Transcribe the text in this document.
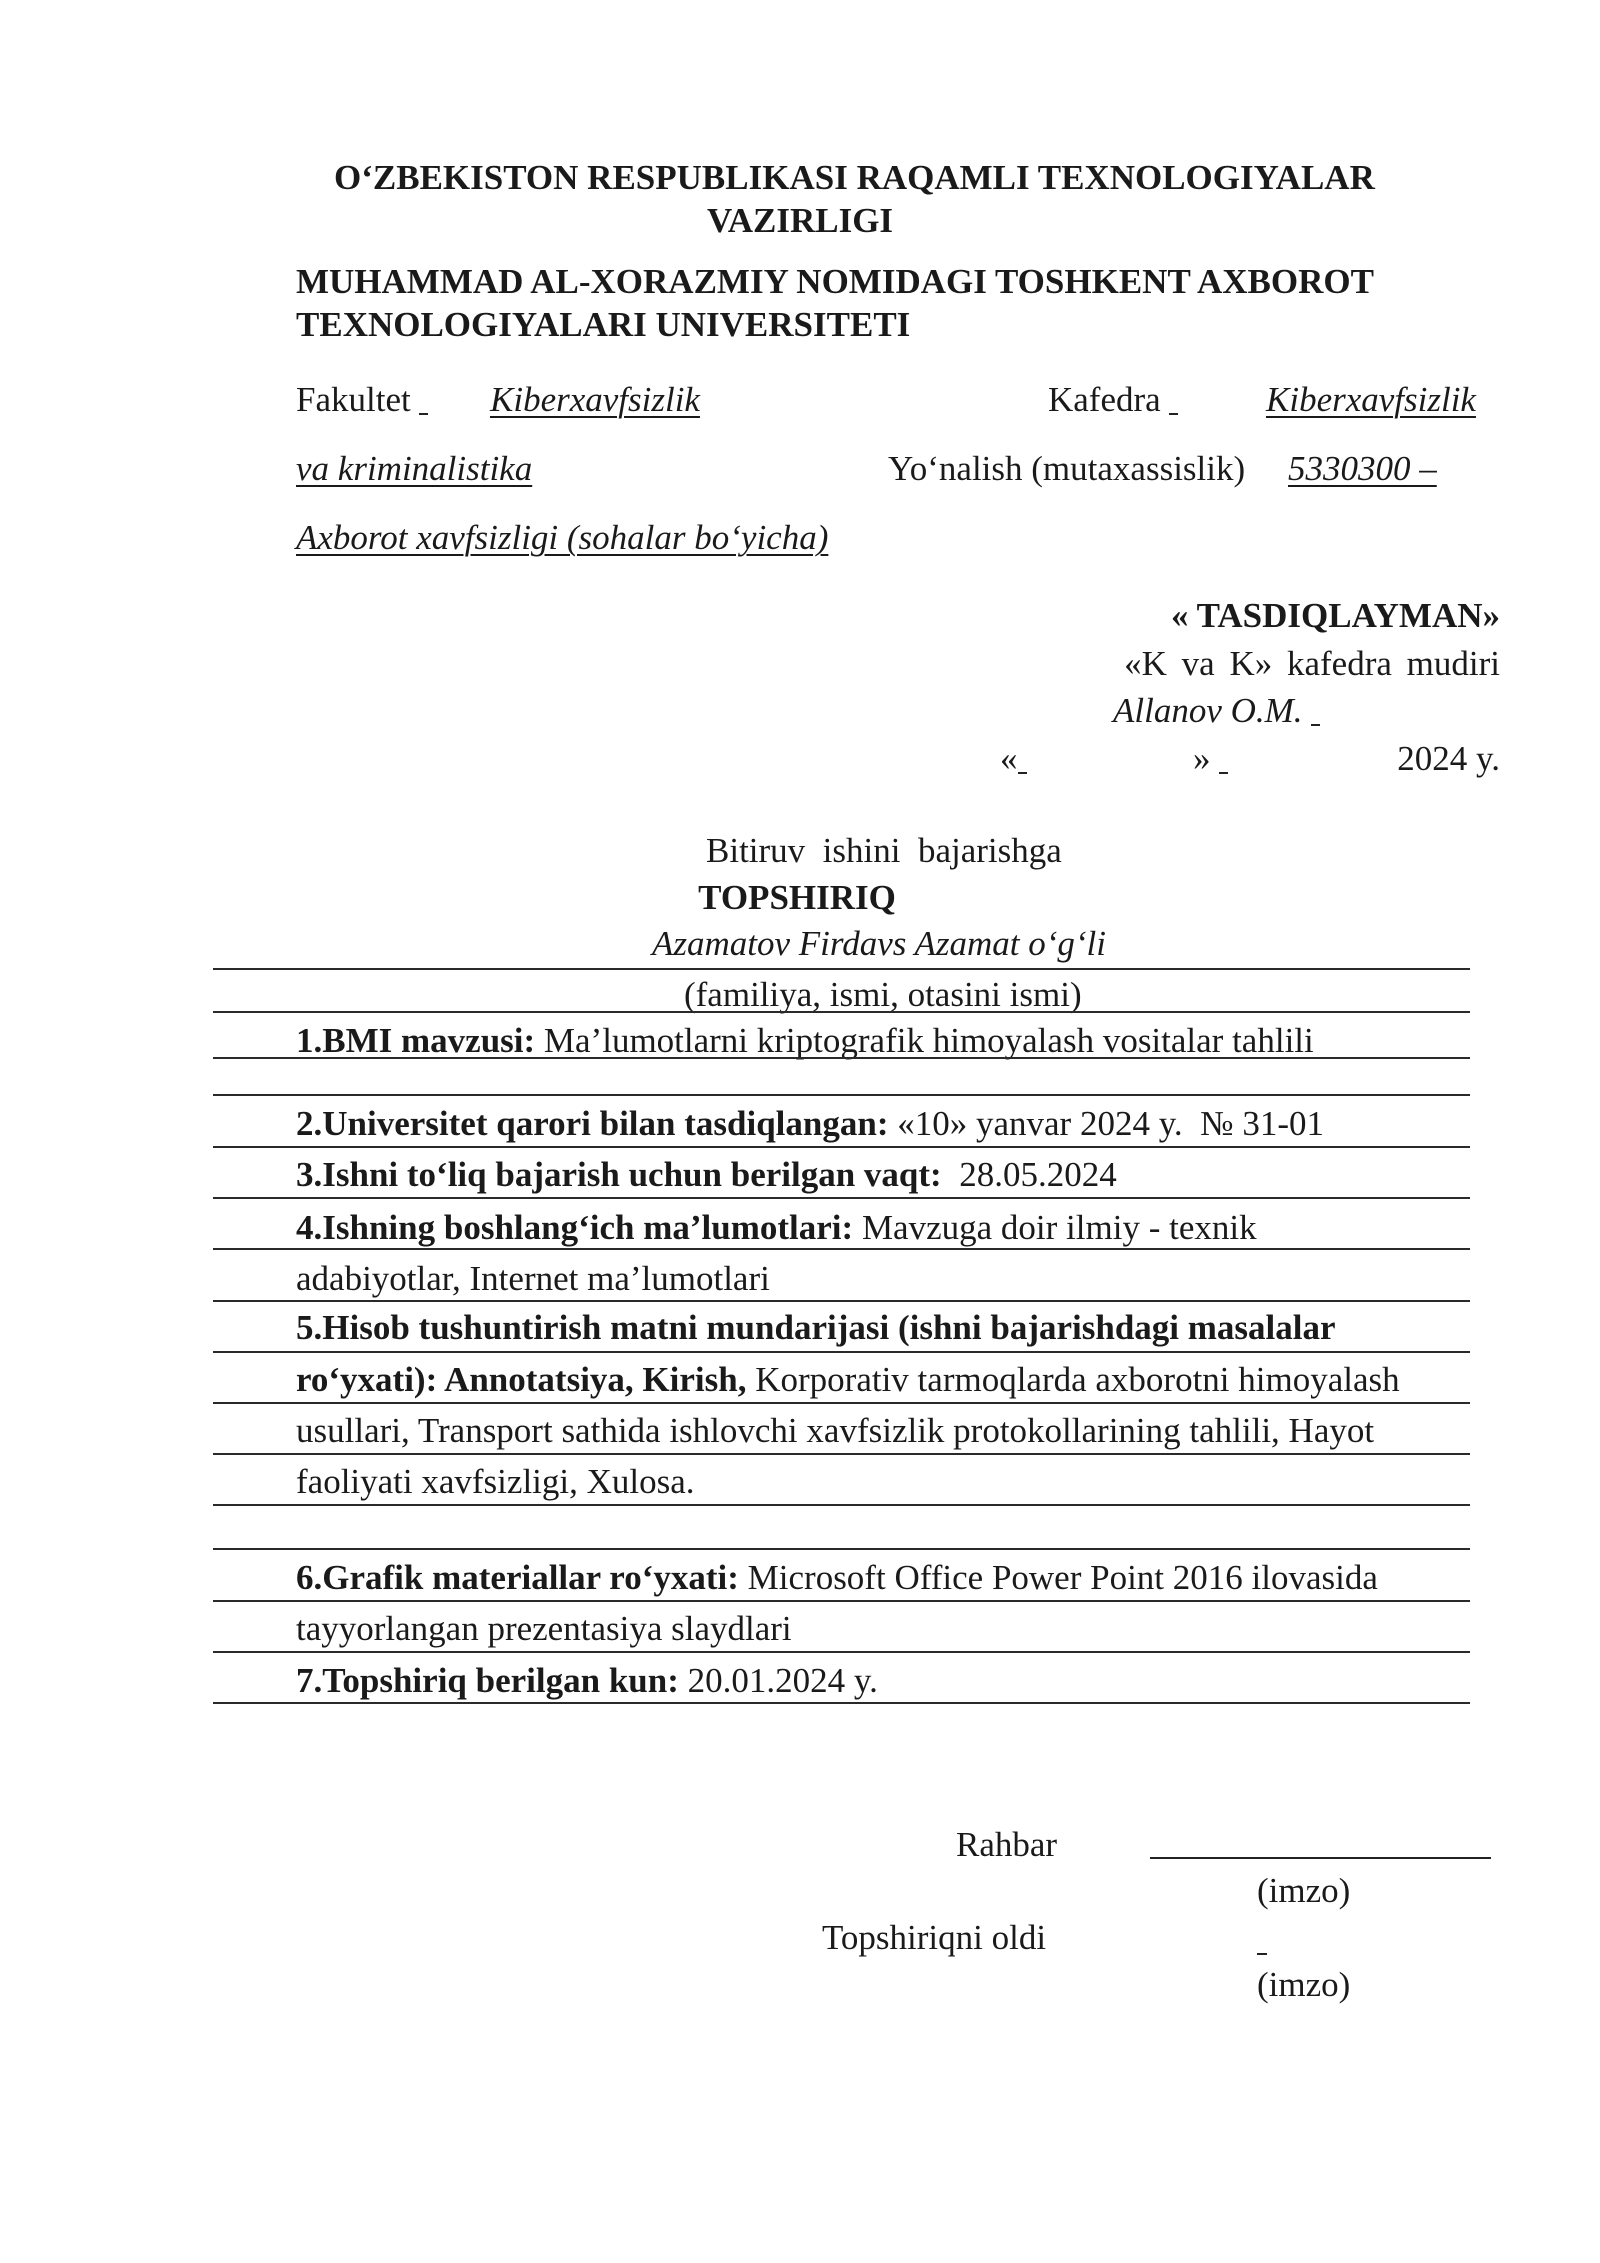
O‘ZBEKISTON RESPUBLIKASI RAQAMLI TEXNOLOGIYALAR
VAZIRLIGI
MUHAMMAD AL-XORAZMIY NOMIDAGI TOSHKENT AXBOROT
TEXNOLOGIYALARI UNIVERSITETI
Fakultet	Kiberxavfsizlik	Kafedra	Kiberxavfsizlik
va kriminalistika	Yo‘nalish (mutaxassislik) 5330300 –
Axborot xavfsizligi (sohalar bo‘yicha)
« TASDIQLAYMAN»
«K va K» kafedra mudiri
Allanov O.M.
«	»	2024 y.
Bitiruv  ishini  bajarishga
TOPSHIRIQ
Azamatov Firdavs Azamat o‘g‘li
(familiya, ismi, otasini ismi)
1.BMI mavzusi: Ma’lumotlarni kriptografik himoyalash vositalar tahlili
2.Universitet qarori bilan tasdiqlangan: «10» yanvar 2024 y.  № 31-01
3.Ishni to‘liq bajarish uchun berilgan vaqt: 28.05.2024
4.Ishning boshlang‘ich ma’lumotlari: Mavzuga doir ilmiy - texnik
adabiyotlar, Internet ma’lumotlari
5.Hisob tushuntirish matni mundarijasi (ishni bajarishdagi masalalar
ro‘yxati): Annotatsiya, Kirish, Korporativ tarmoqlarda axborotni himoyalash
usullari, Transport sathida ishlovchi xavfsizlik protokollarining tahlili, Hayot
faoliyati xavfsizligi, Xulosa.
6.Grafik materiallar ro‘yxati: Microsoft Office Power Point 2016 ilovasida
tayyorlangan prezentasiya slaydlari
7.Topshiriq berilgan kun: 20.01.2024 y.
Rahbar
(imzo)
Topshiriqni oldi
(imzo)
